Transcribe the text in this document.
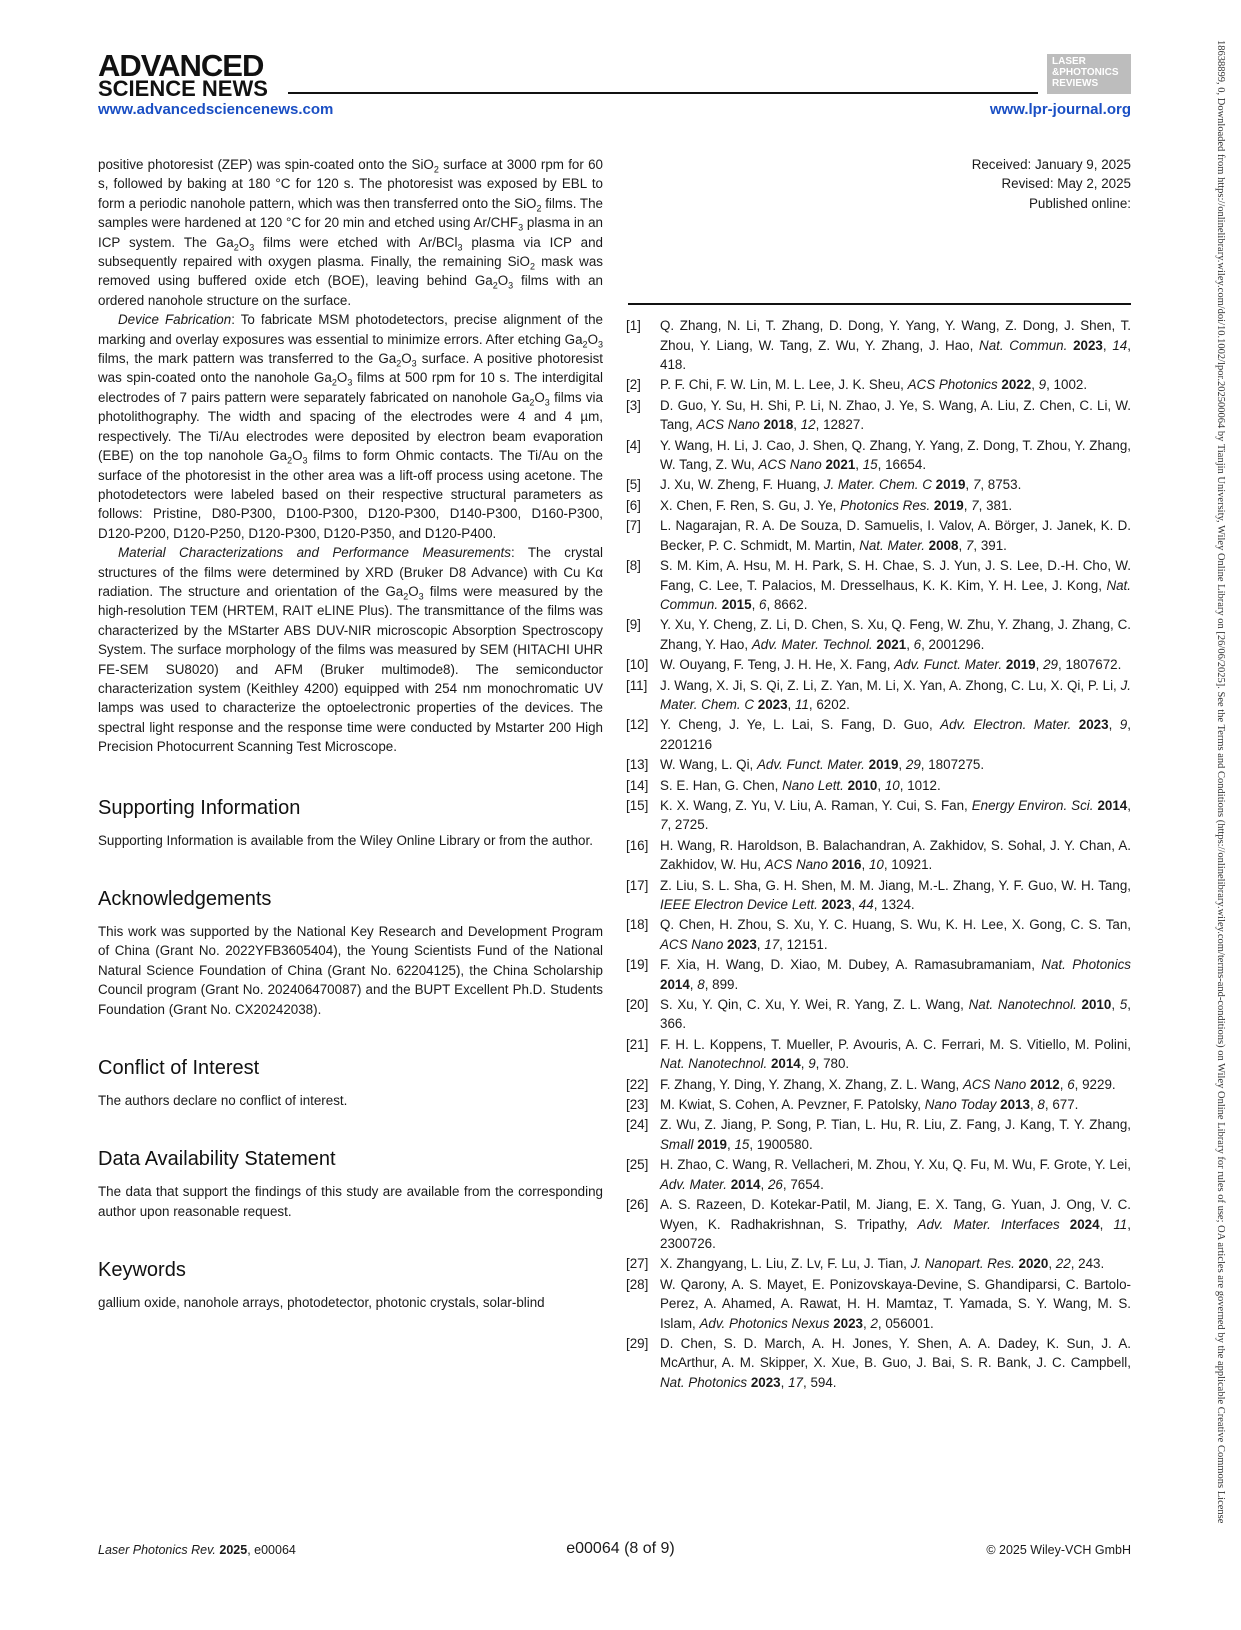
ADVANCED
SCIENCE NEWS
LASER
&PHOTONICS
REVIEWS
www.advancedsciencenews.com	www.lpr-journal.org	18638899, 0, Downloaded from https://onlinelibrary.wiley.com/doi/10.1002/lpor.202500064 by Tianjin University, Wiley Online Library on [26/06/2025]. See the Terms and Conditions (https://onlinelibrary.wiley.com/terms-and-conditions) on Wiley Online Library for rules of use; OA articles are governed by the applicable Creative Commons License

positive photoresist (ZEP) was spin-coated onto the SiO$_2$ surface at 3000 rpm for 60 s, followed by baking at 180 °C for 120 s. The photoresist was exposed by EBL to form a periodic nanohole pattern, which was then transferred onto the SiO$_2$ films. The samples were hardened at 120 °C for 20 min and etched using $Ar/CHF_3$ plasma in an ICP system. The $Ga_2O_3$ films were etched with Ar/BCl$_3$ plasma via ICP and subsequently repaired with oxygen plasma. Finally, the remaining SiO$_2$ mask was removed using buffered oxide etch (BOE), leaving behind $Ga_2O_3$ films with an ordered nanohole structure on the surface.

Device Fabrication: To fabricate MSM photodetectors, precise alignment of the marking and overlay exposures was essential to minimize errors. After etching $Ga_2O_3$ films, the mark pattern was transferred to the $Ga_2O_3$ surface. A positive photoresist was spin-coated onto the nanohole $Ga_2O_3$ films at 500 rpm for 10 s. The interdigital electrodes of 7 pairs pattern were separately fabricated on nanohole $Ga_2O_3$ films via photolithography. The width and spacing of the electrodes were 4 and 4 µm, respectively. The Ti/Au electrodes were deposited by electron beam evaporation (EBE) on the top nanohole $Ga_2O_3$ films to form Ohmic contacts. The Ti/Au on the surface of the photoresist in the other area was a lift-off process using acetone. The photodetectors were labeled based on their respective structural parameters as follows: Pristine, D80-P300, D100-P300, D120-P300, D140-P300, D160-P300, D120-P200, D120-P250, D120-P300, D120-P350, and D120-P400.

Material Characterizations and Performance Measurements: The crystal structures of the films were determined by XRD (Bruker D8 Advance) with Cu Kα radiation. The structure and orientation of the $Ga_2O_3$ films were measured by the high-resolution TEM (HRTEM, RAIT eLINE Plus). The transmittance of the films was characterized by the MStarter ABS DUV-NIR microscopic Absorption Spectroscopy System. The surface morphology of the films was measured by SEM (HITACHI UHR FE-SEM SU8020) and AFM (Bruker multimode8). The semiconductor characterization system (Keithley 4200) equipped with 254 nm monochromatic UV lamps was used to characterize the optoelectronic properties of the devices. The spectral light response and the response time were conducted by Mstarter 200 High Precision Photocurrent Scanning Test Microscope.

Supporting Information

Supporting Information is available from the Wiley Online Library or from the author.

Acknowledgements

This work was supported by the National Key Research and Development Program of China (Grant No. 2022YFB3605404), the Young Scientists Fund of the National Natural Science Foundation of China (Grant No. 62204125), the China Scholarship Council program (Grant No. 202406470087) and the BUPT Excellent Ph.D. Students Foundation (Grant No. CX20242038).

Conflict of Interest

The authors declare no conflict of interest.

Data Availability Statement

The data that support the findings of this study are available from the corresponding author upon reasonable request.

Keywords

gallium oxide, nanohole arrays, photodetector, photonic crystals, solar-blind

Received: January 9, 2025
Revised: May 2, 2025
Published online:
[1] Q. Zhang, N. Li, T. Zhang, D. Dong, Y. Yang, Y. Wang, Z. Dong, J. Shen, T. Zhou, Y. Liang, W. Tang, Z. Wu, Y. Zhang, J. Hao, Nat. Commun. 2023, 14, 418.
[2] P. F. Chi, F. W. Lin, M. L. Lee, J. K. Sheu, ACS Photonics 2022, 9, 1002.
[3] D. Guo, Y. Su, H. Shi, P. Li, N. Zhao, J. Ye, S. Wang, A. Liu, Z. Chen, C. Li, W. Tang, ACS Nano 2018, 12, 12827.
[4] Y. Wang, H. Li, J. Cao, J. Shen, Q. Zhang, Y. Yang, Z. Dong, T. Zhou, Y. Zhang, W. Tang, Z. Wu, ACS Nano 2021, 15, 16654.
[5] J. Xu, W. Zheng, F. Huang, J. Mater. Chem. C 2019, 7, 8753.
[6] X. Chen, F. Ren, S. Gu, J. Ye, Photonics Res. 2019, 7, 381.
[7] L. Nagarajan, R. A. De Souza, D. Samuelis, I. Valov, A. Börger, J. Janek, K. D. Becker, P. C. Schmidt, M. Martin, Nat. Mater. 2008, 7, 391.
[8] S. M. Kim, A. Hsu, M. H. Park, S. H. Chae, S. J. Yun, J. S. Lee, D.-H. Cho, W. Fang, C. Lee, T. Palacios, M. Dresselhaus, K. K. Kim, Y. H. Lee, J. Kong, Nat. Commun. 2015, 6, 8662.
[9] Y. Xu, Y. Cheng, Z. Li, D. Chen, S. Xu, Q. Feng, W. Zhu, Y. Zhang, J. Zhang, C. Zhang, Y. Hao, Adv. Mater. Technol. 2021, 6, 2001296.
[10] W. Ouyang, F. Teng, J. H. He, X. Fang, Adv. Funct. Mater. 2019, 29, 1807672.
[11] J. Wang, X. Ji, S. Qi, Z. Li, Z. Yan, M. Li, X. Yan, A. Zhong, C. Lu, X. Qi, P. Li, J. Mater. Chem. C 2023, 11, 6202.
[12] Y. Cheng, J. Ye, L. Lai, S. Fang, D. Guo, Adv. Electron. Mater. 2023, 9, 2201216
[13] W. Wang, L. Qi, Adv. Funct. Mater. 2019, 29, 1807275.
[14] S. E. Han, G. Chen, Nano Lett. 2010, 10, 1012.
[15] K. X. Wang, Z. Yu, V. Liu, A. Raman, Y. Cui, S. Fan, Energy Environ. Sci. 2014, 7, 2725.
[16] H. Wang, R. Haroldson, B. Balachandran, A. Zakhidov, S. Sohal, J. Y. Chan, A. Zakhidov, W. Hu, ACS Nano 2016, 10, 10921.
[17] Z. Liu, S. L. Sha, G. H. Shen, M. M. Jiang, M.-L. Zhang, Y. F. Guo, W. H. Tang, IEEE Electron Device Lett. 2023, 44, 1324.
[18] Q. Chen, H. Zhou, S. Xu, Y. C. Huang, S. Wu, K. H. Lee, X. Gong, C. S. Tan, ACS Nano 2023, 17, 12151.
[19] F. Xia, H. Wang, D. Xiao, M. Dubey, A. Ramasubramaniam, Nat. Photonics 2014, 8, 899.
[20] S. Xu, Y. Qin, C. Xu, Y. Wei, R. Yang, Z. L. Wang, Nat. Nanotechnol. 2010, 5, 366.
[21] F. H. L. Koppens, T. Mueller, P. Avouris, A. C. Ferrari, M. S. Vitiello, M. Polini, Nat. Nanotechnol. 2014, 9, 780.
[22] F. Zhang, Y. Ding, Y. Zhang, X. Zhang, Z. L. Wang, ACS Nano 2012, 6, 9229.
[23] M. Kwiat, S. Cohen, A. Pevzner, F. Patolsky, Nano Today 2013, 8, 677.
[24] Z. Wu, Z. Jiang, P. Song, P. Tian, L. Hu, R. Liu, Z. Fang, J. Kang, T. Y. Zhang, Small 2019, 15, 1900580.
[25] H. Zhao, C. Wang, R. Vellacheri, M. Zhou, Y. Xu, Q. Fu, M. Wu, F. Grote, Y. Lei, Adv. Mater. 2014, 26, 7654.
[26] A. S. Razeen, D. Kotekar-Patil, M. Jiang, E. X. Tang, G. Yuan, J. Ong, V. C. Wyen, K. Radhakrishnan, S. Tripathy, Adv. Mater. Interfaces 2024, 11, 2300726.
[27] X. Zhangyang, L. Liu, Z. Lv, F. Lu, J. Tian, J. Nanopart. Res. 2020, 22, 243.
[28] W. Qarony, A. S. Mayet, E. Ponizovskaya-Devine, S. Ghandiparsi, C. Bartolo-Perez, A. Ahamed, A. Rawat, H. H. Mamtaz, T. Yamada, S. Y. Wang, M. S. Islam, Adv. Photonics Nexus 2023, 2, 056001.
[29] D. Chen, S. D. March, A. H. Jones, Y. Shen, A. A. Dadey, K. Sun, J. A. McArthur, A. M. Skipper, X. Xue, B. Guo, J. Bai, S. R. Bank, J. C. Campbell, Nat. Photonics 2023, 17, 594.
Laser Photonics Rev. 2025, e00064	e00064 (8 of 9)	© 2025 Wiley-VCH GmbH
